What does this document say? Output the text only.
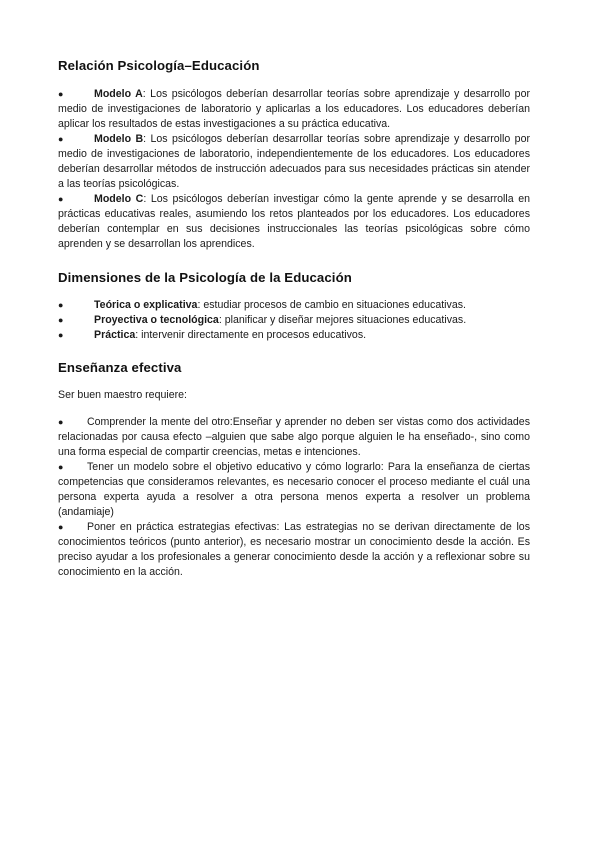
Relación Psicología–Educación
●	Modelo A: Los psicólogos deberían desarrollar teorías sobre aprendizaje y desarrollo por medio de investigaciones de laboratorio y aplicarlas a los educadores. Los educadores deberían aplicar los resultados de estas investigaciones a su práctica educativa.
●	Modelo B: Los psicólogos deberían desarrollar teorías sobre aprendizaje y desarrollo por medio de investigaciones de laboratorio, independientemente de los educadores. Los educadores deberían desarrollar métodos de instrucción adecuados para sus necesidades prácticas sin atender a las teorías psicológicas.
●	Modelo C: Los psicólogos deberían investigar cómo la gente aprende y se desarrolla en prácticas educativas reales, asumiendo los retos planteados por los educadores. Los educadores deberían contemplar en sus decisiones instruccionales las teorías psicológicas sobre cómo aprenden y se desarrollan los aprendices.
Dimensiones de la Psicología de la Educación
●	Teórica o explicativa: estudiar procesos de cambio en situaciones educativas.
●	Proyectiva o tecnológica: planificar y diseñar mejores situaciones educativas.
●	Práctica: intervenir directamente en procesos educativos.
Enseñanza efectiva

Ser buen maestro requiere:

● Comprender la mente del otro:Enseñar y aprender no deben ser vistas como dos actividades relacionadas por causa efecto –alguien que sabe algo porque alguien le ha enseñado-, sino como una forma especial de compartir creencias, metas e intenciones.
● Tener un modelo sobre el objetivo educativo y cómo lograrlo: Para la enseñanza de ciertas competencias que consideramos relevantes, es necesario conocer el proceso mediante el cuál una persona experta ayuda a resolver a otra persona menos experta a resolver un problema (andamiaje)
● Poner en práctica estrategias efectivas: Las estrategias no se derivan directamente de los conocimientos teóricos (punto anterior), es necesario mostrar un conocimiento desde la acción. Es preciso ayudar a los profesionales a generar conocimiento desde la acción y a reflexionar sobre su conocimiento en la acción.
